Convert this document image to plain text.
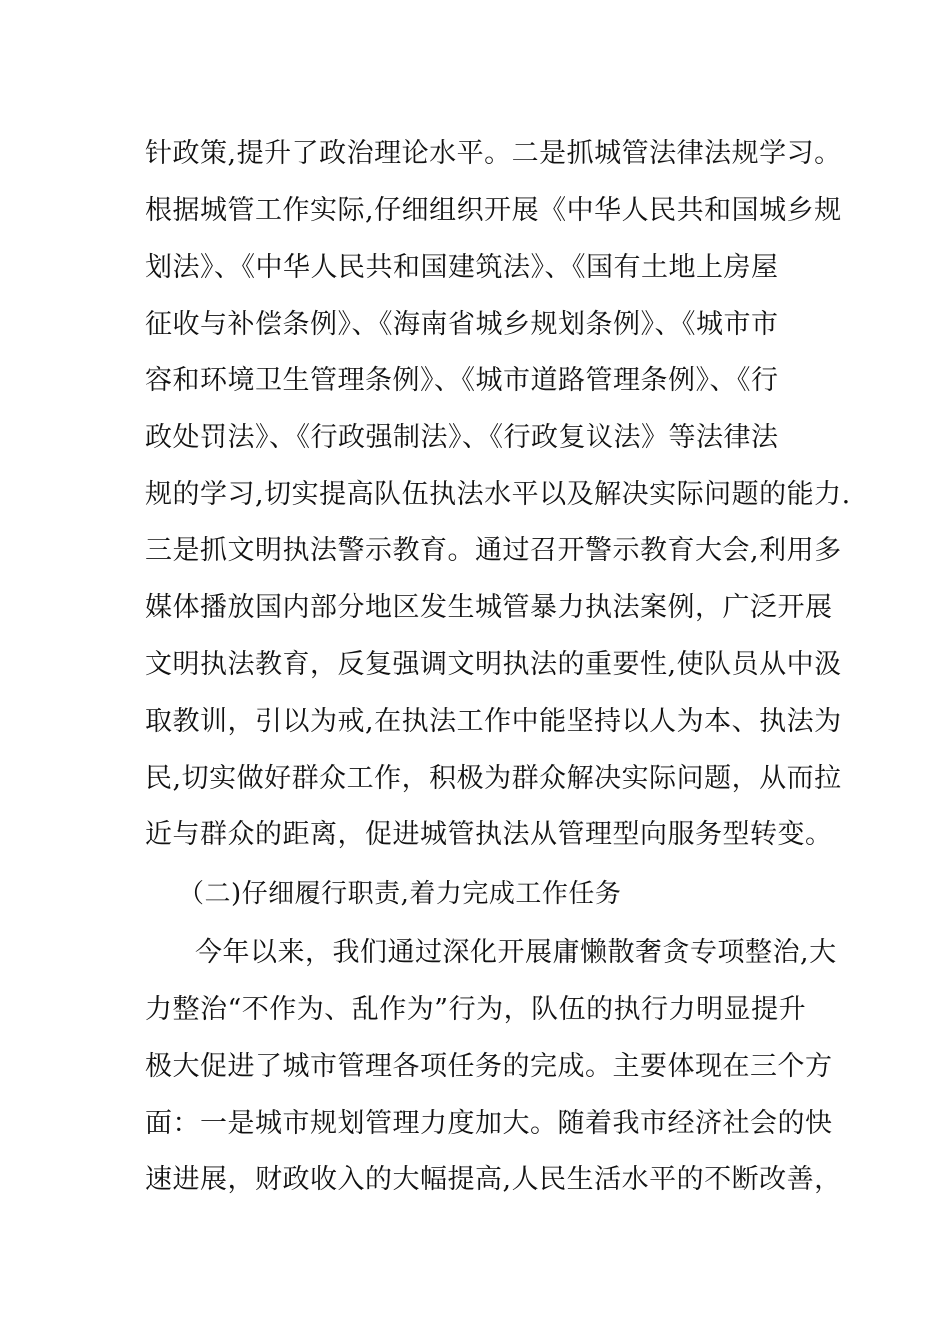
针政策,提升了政治理论水平。二是抓城管法律法规学习。
根据城管工作实际,仔细组织开展《中华人民共和国城乡规
划法》、《中华人民共和国建筑法》、《国有土地上房屋
征收与补偿条例》、《海南省城乡规划条例》、《城市市
容和环境卫生管理条例》、《城市道路管理条例》、《行
政处罚法》、《行政强制法》、《行政复议法》等法律法
规的学习,切实提高队伍执法水平以及解决实际问题的能力.
三是抓文明执法警示教育。通过召开警示教育大会,利用多
媒体播放国内部分地区发生城管暴力执法案例，广泛开展
文明执法教育，反复强调文明执法的重要性,使队员从中汲
取教训，引以为戒,在执法工作中能坚持以人为本、执法为
民,切实做好群众工作，积极为群众解决实际问题，从而拉
近与群众的距离，促进城管执法从管理型向服务型转变。
（二)仔细履行职责,着力完成工作任务
今年以来，我们通过深化开展庸懒散奢贪专项整治,大
力整治“不作为、乱作为”行为，队伍的执行力明显提升
极大促进了城市管理各项任务的完成。主要体现在三个方
面：一是城市规划管理力度加大。随着我市经济社会的快
速进展，财政收入的大幅提高,人民生活水平的不断改善，
